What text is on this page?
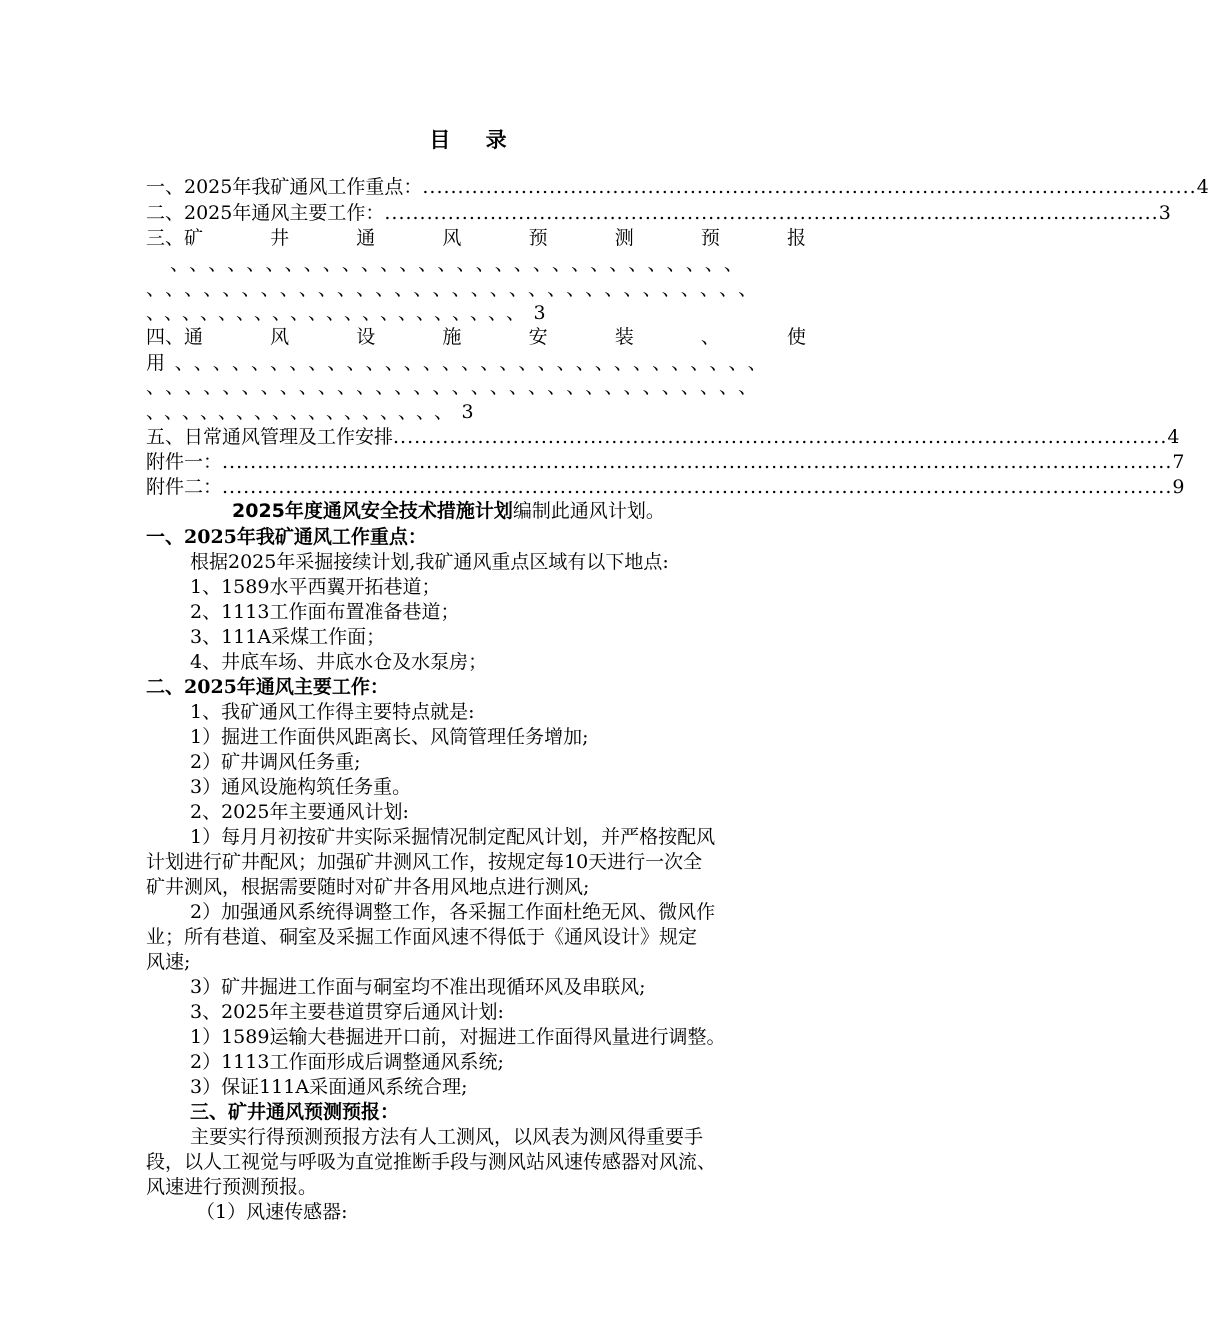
目 录
一、2025年我矿通风工作重点： .............................................................................................................. 4
二、2025年通风主要工作： .............................................................................................................. 3
三、矿	井	通	风	预	测	预	报
、、、、、、、、、、、、、、、、、、、、、、、、、、、、、、
、、、、、、、、、、、、、、、、、、、、、、、、、、、、、、、、
、、、、、、、、、、、、、、、、、、、、、3
四、通	风	设	施	安	装	、	使
用、、、、、、、、、、、、、、、、、、、、、、、、、、、、、、、
、、、、、、、、、、、、、、、、、、、、、、、、、、、、、、、、
、、、、、、、、、、、、、、、、、3
五、日常通风管理及工作安排 .............................................................................................................. 4
附件一： ....................................................................................................................................... 7
附件二： ....................................................................................................................................... 9
2025年度通风安全技术措施计划编制此通风计划。
一、2025年我矿通风工作重点：
根据2025年采掘接续计划,我矿通风重点区域有以下地点:
1、1589水平西翼开拓巷道；
2、1113工作面布置准备巷道；
3、111A采煤工作面；
4、井底车场、井底水仓及水泵房；
二、2025年通风主要工作：
1、我矿通风工作得主要特点就是:
1）掘进工作面供风距离长、风筒管理任务增加;
2）矿井调风任务重;
3）通风设施构筑任务重。
2、2025年主要通风计划:
1）每月月初按矿井实际采掘情况制定配风计划，并严格按配风
计划进行矿井配风；加强矿井测风工作，按规定每10天进行一次全
矿井测风，根据需要随时对矿井各用风地点进行测风;
2）加强通风系统得调整工作，各采掘工作面杜绝无风、微风作
业；所有巷道、硐室及采掘工作面风速不得低于《通风设计》规定
风速;
3）矿井掘进工作面与硐室均不准出现循环风及串联风;
3、2025年主要巷道贯穿后通风计划:
1）1589运输大巷掘进开口前，对掘进工作面得风量进行调整。
2）1113工作面形成后调整通风系统;
3）保证111A采面通风系统合理;
三、矿井通风预测预报：
主要实行得预测预报方法有人工测风，以风表为测风得重要手
段，以人工视觉与呼吸为直觉推断手段与测风站风速传感器对风流、
风速进行预测预报。
（1）风速传感器:
